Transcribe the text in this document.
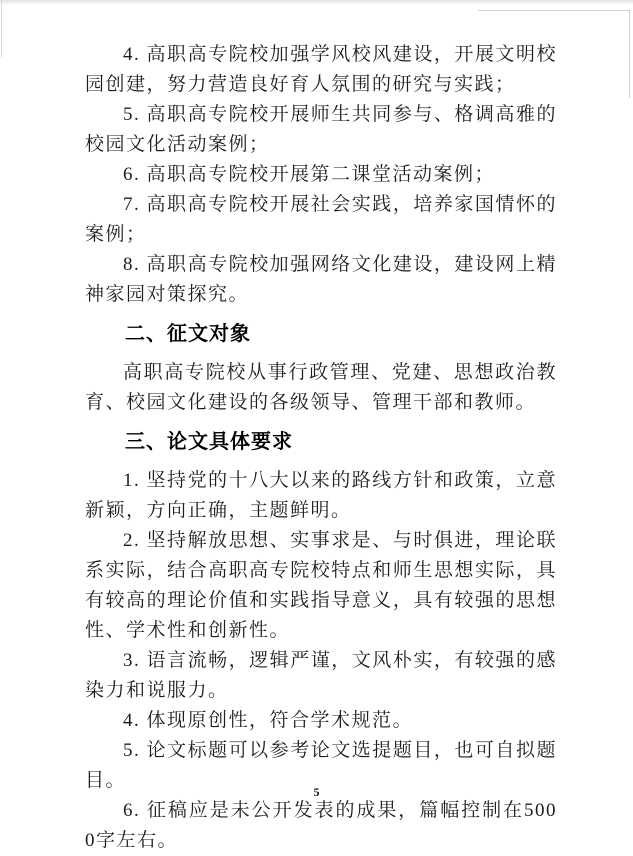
4. 高职高专院校加强学风校风建设，开展文明校园创建，努力营造良好育人氛围的研究与实践；

5. 高职高专院校开展师生共同参与、格调高雅的校园文化活动案例；

6. 高职高专院校开展第二课堂活动案例；

7. 高职高专院校开展社会实践，培养家国情怀的案例；

8. 高职高专院校加强网络文化建设，建设网上精神家园对策探究。

二、征文对象

高职高专院校从事行政管理、党建、思想政治教育、校园文化建设的各级领导、管理干部和教师。

三、论文具体要求

1. 坚持党的十八大以来的路线方针和政策，立意新颖，方向正确，主题鲜明。

2. 坚持解放思想、实事求是、与时俱进，理论联系实际，结合高职高专院校特点和师生思想实际，具有较高的理论价值和实践指导意义，具有较强的思想性、学术性和创新性。

3. 语言流畅，逻辑严谨，文风朴实，有较强的感染力和说服力。

4. 体现原创性，符合学术规范。

5. 论文标题可以参考论文选提题目，也可自拟题目。

6. 征稿应是未公开发表的成果，篇幅控制在5000字左右。

5
